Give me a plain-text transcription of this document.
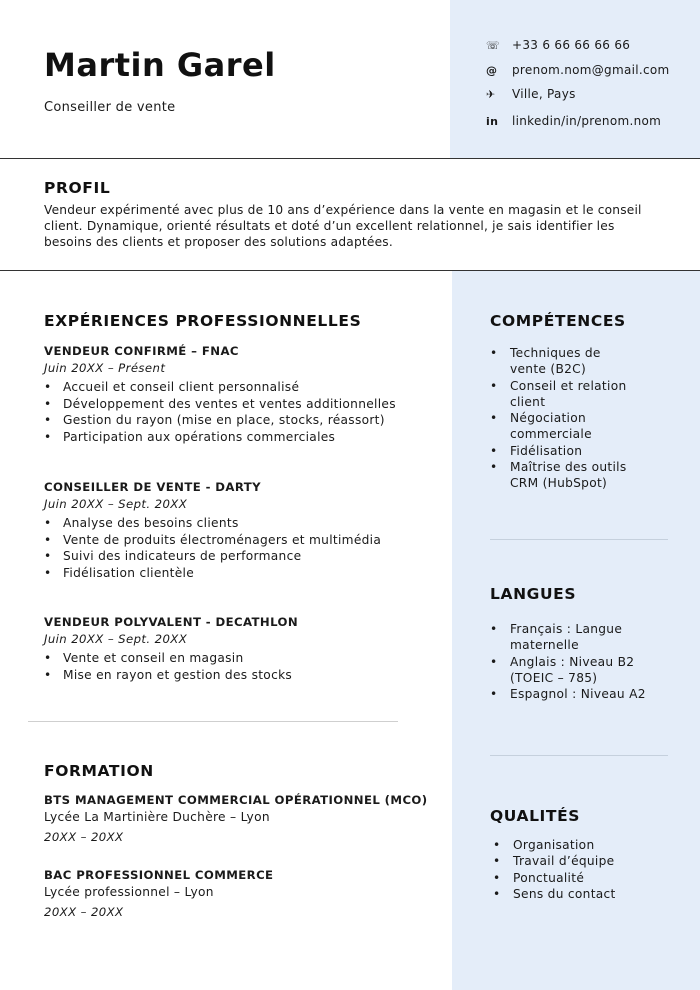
Martin Garel
Conseiller de vente
☏ +33 6 66 66 66 66
@	prenom.nom@gmail.com
✈	Ville, Pays
in	linkedin/in/prenom.nom
PROFIL
Vendeur expérimenté avec plus de 10 ans d’expérience dans la vente en magasin et le conseil
client. Dynamique, orienté résultats et doté d’un excellent relationnel, je sais identifier les
besoins des clients et proposer des solutions adaptées.
EXPÉRIENCES PROFESSIONNELLES
VENDEUR CONFIRMÉ – FNAC
Juin 20XX – Présent
• Accueil et conseil client personnalisé
• Développement des ventes et ventes additionnelles
• Gestion du rayon (mise en place, stocks, réassort)
• Participation aux opérations commerciales
CONSEILLER DE VENTE - DARTY
Juin 20XX – Sept. 20XX
• Analyse des besoins clients
• Vente de produits électroménagers et multimédia
• Suivi des indicateurs de performance
• Fidélisation clientèle
VENDEUR POLYVALENT - DECATHLON
Juin 20XX – Sept. 20XX
• Vente et conseil en magasin
• Mise en rayon et gestion des stocks
FORMATION
BTS MANAGEMENT COMMERCIAL OPÉRATIONNEL (MCO)
Lycée La Martinière Duchère – Lyon
20XX – 20XX
BAC PROFESSIONNEL COMMERCE
Lycée professionnel – Lyon
20XX – 20XX
COMPÉTENCES
• Techniques de
vente (B2C)
• Conseil et relation
client
• Négociation
commerciale
• Fidélisation
• Maîtrise des outils
CRM (HubSpot)
LANGUES
• Français : Langue
maternelle
• Anglais : Niveau B2
(TOEIC – 785)
• Espagnol : Niveau A2
QUALITÉS
• Organisation
• Travail d’équipe
• Ponctualité
• Sens du contact
